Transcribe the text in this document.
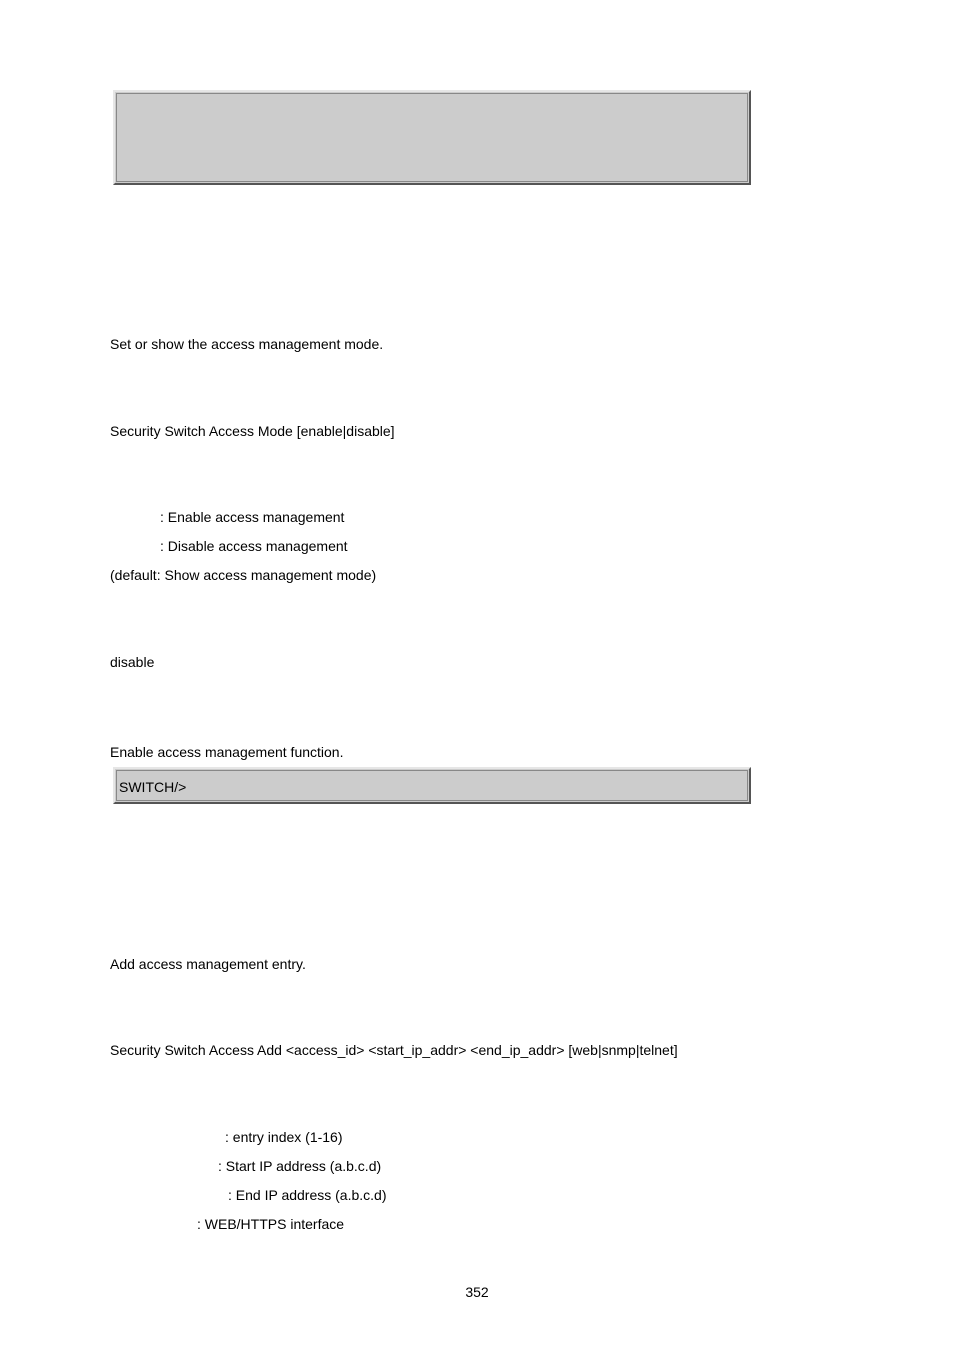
Set or show the access management mode.
Security Switch Access Mode [enable|disable]
: Enable access management
: Disable access management
(default: Show access management mode)
disable
Enable access management function.
SWITCH/>
Add access management entry.
Security Switch Access Add <access_id> <start_ip_addr> <end_ip_addr> [web|snmp|telnet]
: entry index (1-16)
: Start IP address (a.b.c.d)
: End IP address (a.b.c.d)
: WEB/HTTPS interface
352
